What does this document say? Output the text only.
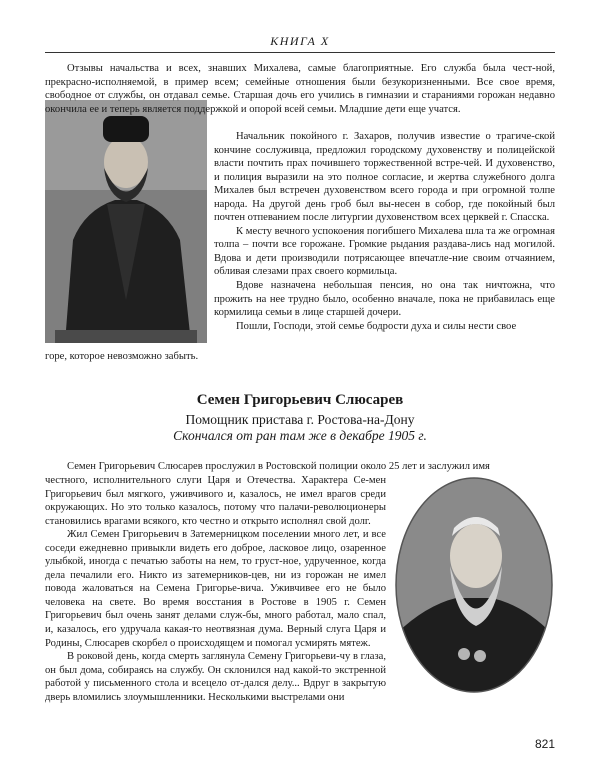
КНИГА X

Отзывы начальства и всех, знавших Михалева, самые благоприятные. Его служба была чест-ной, прекрасно-исполняемой, в пример всем; семейные отношения были безукоризненными. Все свое время, свободное от службы, он отдавал семье. Старшая дочь его учились в гимназии и стараниями горожан недавно окончила ее и теперь является поддержкой и опорой всей семьи. Младшие дети еще учатся.

Начальник покойного г. Захаров, получив известие о трагиче-ской кончине сослуживца, предложил городскому духовенству и полицейской власти почтить прах почившего торжественной встре-чей. И духовенство, и полиция выразили на это полное согласие, и жертва служебного долга Михалев был встречен духовенством всего города и при огромной толпе народа. На другой день гроб был вы-несен в собор, где покойный был почтен отпеванием после литургии духовенством всех церквей г. Спасска.

К месту вечного успокоения погибшего Михалева шла та же огромная толпа – почти все горожане. Громкие рыдания раздава-лись над могилой. Вдова и дети производили потрясающее впечатле-ние своим отчаянием, обливая слезами прах своего кормильца.

Вдове назначена небольшая пенсия, но она так ничтожна, что прожить на нее трудно было, особенно вначале, пока не прибавилась еще кормилица семьи в лице старшей дочери.

Пошли, Господи, этой семье бодрости духа и силы нести свое

горе, которое невозможно забыть.

Семен Григорьевич Слюсарев
Помощник пристава г. Ростова-на-Дону
Скончался от ран там же в декабре 1905 г.

Семен Григорьевич Слюсарев прослужил в Ростовской полиции около 25 лет и заслужил имя

честного, исполнительного слуги Царя и Отечества. Характера Се-мен Григорьевич был мягкого, уживчивого и, казалось, не имел врагов среди окружающих. Но это только казалось, потому что палачи-революционеры становились врагами всякого, кто честно и открыто исполнял свой долг.

Жил Семен Григорьевич в Затемерницком поселении много лет, и все соседи ежедневно привыкли видеть его доброе, ласковое лицо, озаренное улыбкой, иногда с печатью заботы на нем, то груст-ное, удрученное, когда дела печалили его. Никто из затемерников-цев, ни из горожан не имел повода жаловаться на Семена Григорье-вича. Уживчивее его не было человека на свете. Во время восстания в Ростове в 1905 г. Семен Григорьевич был очень занят делами служ-бы, много работал, мало спал, и, казалось, его удручала какая-то неотвязная дума. Верный слуга Царя и Родины, Слюсарев скорбел о происходящем и помогал усмирять мятеж.

В роковой день, когда смерть заглянула Семену Григорьеви-чу в глаза, он был дома, собираясь на службу. Он склонился над какой-то экстренной работой у письменного стола и всецело от-дался делу... Вдруг в закрытую дверь вломились злоумышленники. Несколькими выстрелами они

821
